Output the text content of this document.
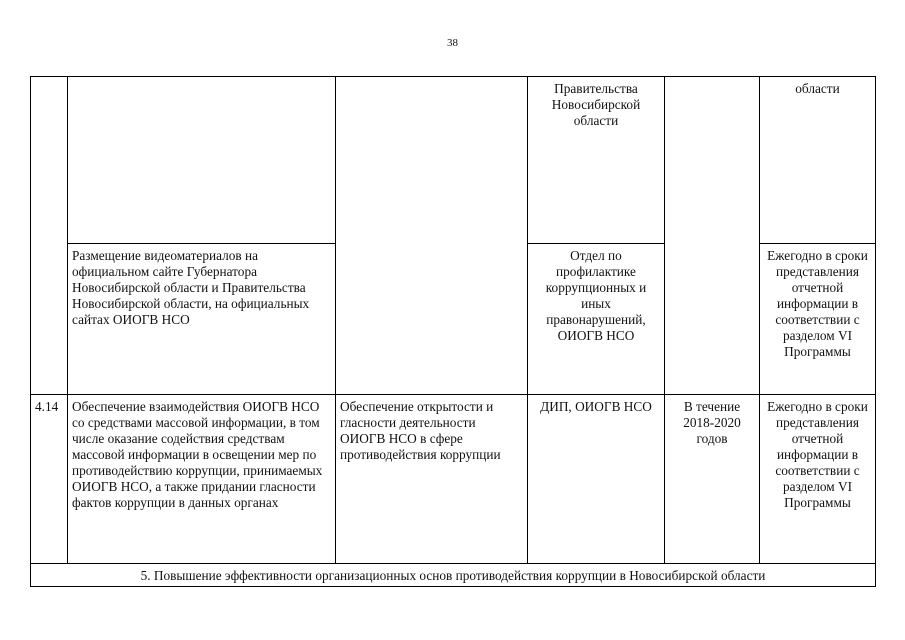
38
			Правительства Новосибирской области		области
	Размещение видеоматериалов на официальном сайте Губернатора Новосибирской области и Правительства Новосибирской области, на официальных сайтах ОИОГВ НСО		Отдел по профилактике коррупционных и иных правонарушений, ОИОГВ НСО		Ежегодно в сроки представления отчетной информации в соответствии с разделом VI Программы
4.14	Обеспечение взаимодействия ОИОГВ НСО со средствами массовой информации, в том числе оказание содействия средствам массовой информации в освещении мер по противодействию коррупции, принимаемых ОИОГВ НСО, а также придании гласности фактов коррупции в данных органах	Обеспечение открытости и гласности деятельности ОИОГВ НСО в сфере противодействия коррупции	ДИП, ОИОГВ НСО	В течение 2018-2020 годов	Ежегодно в сроки представления отчетной информации в соответствии с разделом VI Программы
5. Повышение эффективности организационных основ противодействия коррупции в Новосибирской области					
